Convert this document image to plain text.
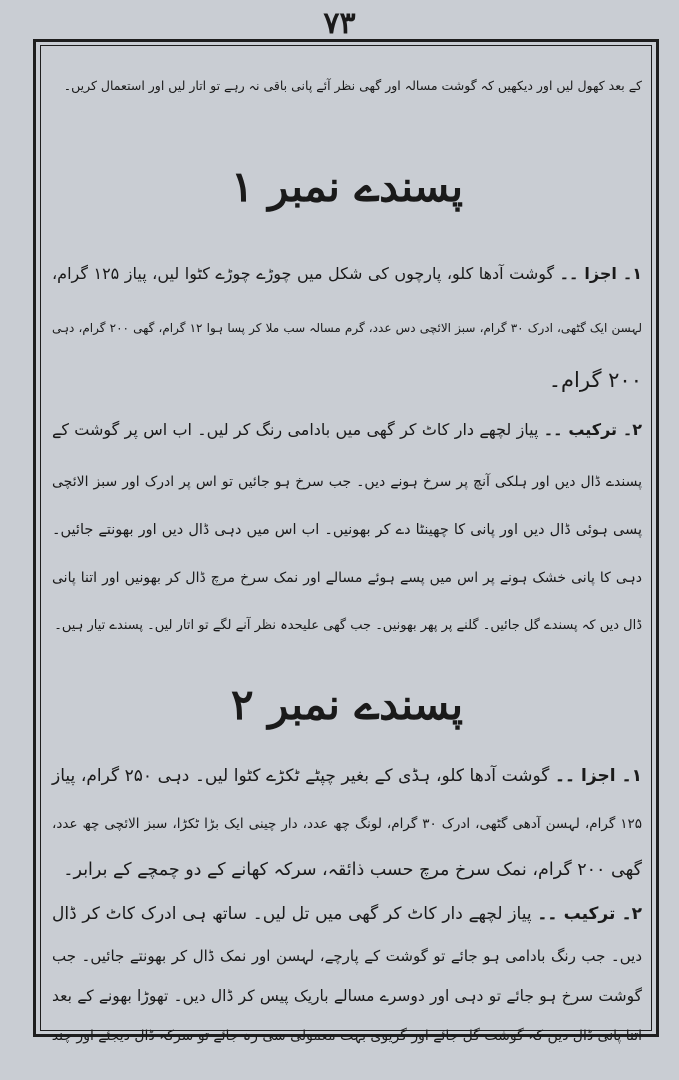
۷۳
کے بعد کھول لیں اور دیکھیں کہ گوشت مسالہ اور گھی نظر آئے پانی باقی نہ رہے تو اتار لیں اور استعمال کریں۔
پسندے نمبر ۱
۱۔ اجزا ۔۔ گوشت آدھا کلو، پارچوں کی شکل میں چوڑے چوڑے کٹوا لیں، پیاز ۱۲۵ گرام،
لہسن ایک گٹھی، ادرک ۳۰ گرام، سبز الائچی دس عدد، گرم مسالہ سب ملا کر پسا ہوا ۱۲ گرام، گھی ۲۰۰ گرام، دہی
۲۰۰ گرام۔
۲۔ ترکیب ۔۔ پیاز لچھے دار کاٹ کر گھی میں بادامی رنگ کر لیں۔ اب اس پر گوشت کے
پسندے ڈال دیں اور ہلکی آنچ پر سرخ ہونے دیں۔ جب سرخ ہو جائیں تو اس پر ادرک اور سبز الائچی
پسی ہوئی ڈال دیں اور پانی کا چھینٹا دے کر بھونیں۔ اب اس میں دہی ڈال دیں اور بھونتے جائیں۔
دہی کا پانی خشک ہونے پر اس میں پسے ہوئے مسالے اور نمک سرخ مرچ ڈال کر بھونیں اور اتنا پانی
ڈال دیں کہ پسندے گل جائیں۔ گلنے پر پھر بھونیں۔ جب گھی علیحدہ نظر آنے لگے تو اتار لیں۔ پسندے تیار ہیں۔
پسندے نمبر ۲
۱۔ اجزا ۔۔ گوشت آدھا کلو، ہڈی کے بغیر چپٹے ٹکڑے کٹوا لیں۔ دہی ۲۵۰ گرام، پیاز
۱۲۵ گرام، لہسن آدھی گٹھی، ادرک ۳۰ گرام، لونگ چھ عدد، دار چینی ایک بڑا ٹکڑا، سبز الائچی چھ عدد،
گھی ۲۰۰ گرام، نمک سرخ مرچ حسب ذائقہ، سرکہ کھانے کے دو چمچے کے برابر۔
۲۔ ترکیب ۔۔ پیاز لچھے دار کاٹ کر گھی میں تل لیں۔ ساتھ ہی ادرک کاٹ کر ڈال
دیں۔ جب رنگ بادامی ہو جائے تو گوشت کے پارچے، لہسن اور نمک ڈال کر بھونتے جائیں۔ جب
گوشت سرخ ہو جائے تو دہی اور دوسرے مسالے باریک پیس کر ڈال دیں۔ تھوڑا بھونے کے بعد
اتنا پانی ڈال دیں کہ گوشت گل جائے اور گریوی بہت معمولی سی رہ جائے تو سرکہ ڈال دیجئے اور چند
